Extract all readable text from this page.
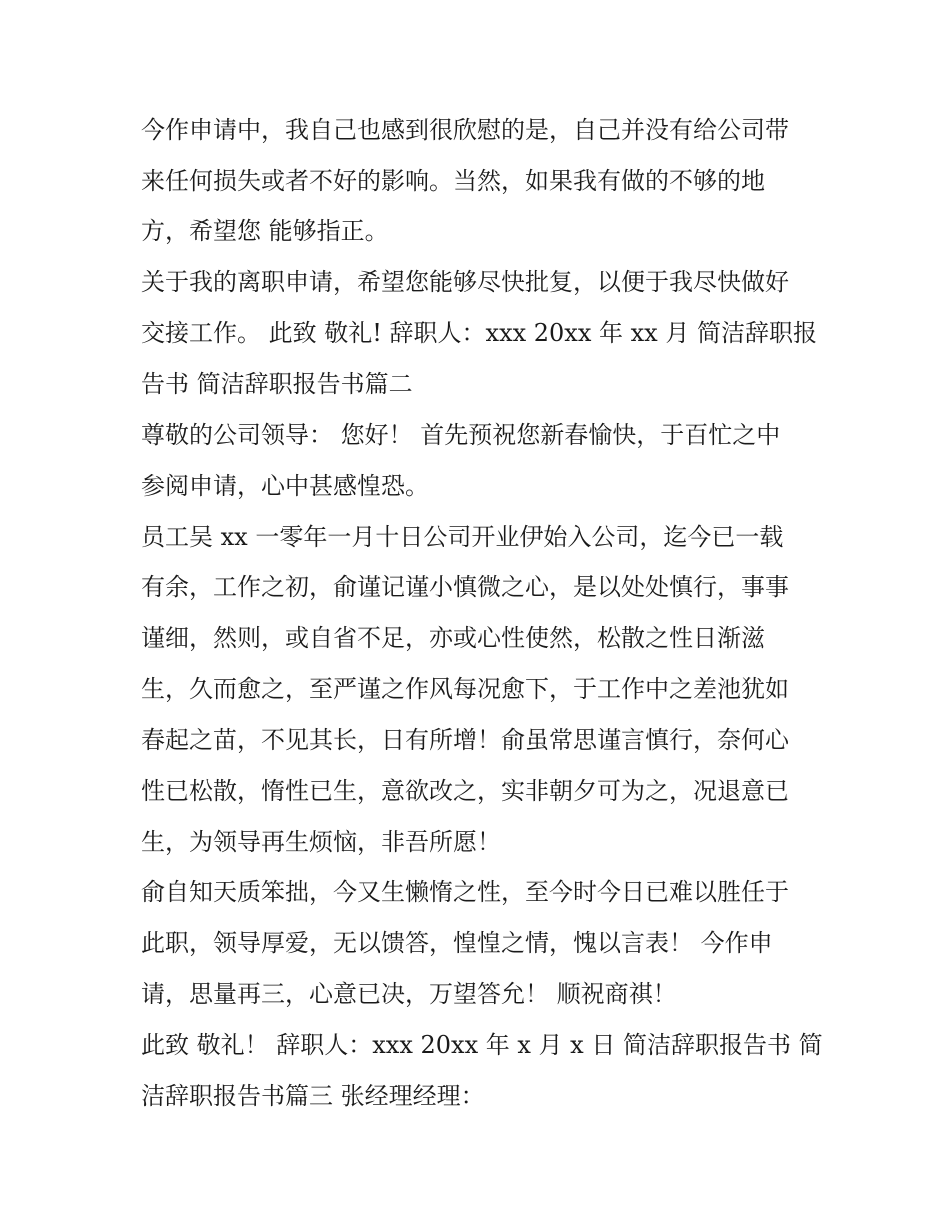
今作申请中，我自己也感到很欣慰的是，自己并没有给公司带
来任何损失或者不好的影响。当然，如果我有做的不够的地
方，希望您 能够指正。
关于我的离职申请，希望您能够尽快批复，以便于我尽快做好
交接工作。 此致 敬礼! 辞职人：xxx 20xx 年 xx 月 简洁辞职报
告书 简洁辞职报告书篇二
尊敬的公司领导： 您好！ 首先预祝您新春愉快，于百忙之中
参阅申请，心中甚感惶恐。
员工吴 xx 一零年一月十日公司开业伊始入公司，迄今已一载
有余，工作之初，俞谨记谨小慎微之心，是以处处慎行，事事
谨细，然则，或自省不足，亦或心性使然，松散之性日渐滋
生，久而愈之，至严谨之作风每况愈下，于工作中之差池犹如
春起之苗，不见其长，日有所增！俞虽常思谨言慎行，奈何心
性已松散，惰性已生，意欲改之，实非朝夕可为之，况退意已
生，为领导再生烦恼，非吾所愿！
俞自知天质笨拙，今又生懒惰之性，至今时今日已难以胜任于
此职，领导厚爱，无以馈答，惶惶之情，愧以言表！ 今作申
请，思量再三，心意已决，万望答允！ 顺祝商祺！
此致 敬礼！ 辞职人：xxx 20xx 年 x 月 x 日 简洁辞职报告书 简
洁辞职报告书篇三 张经理经理：
